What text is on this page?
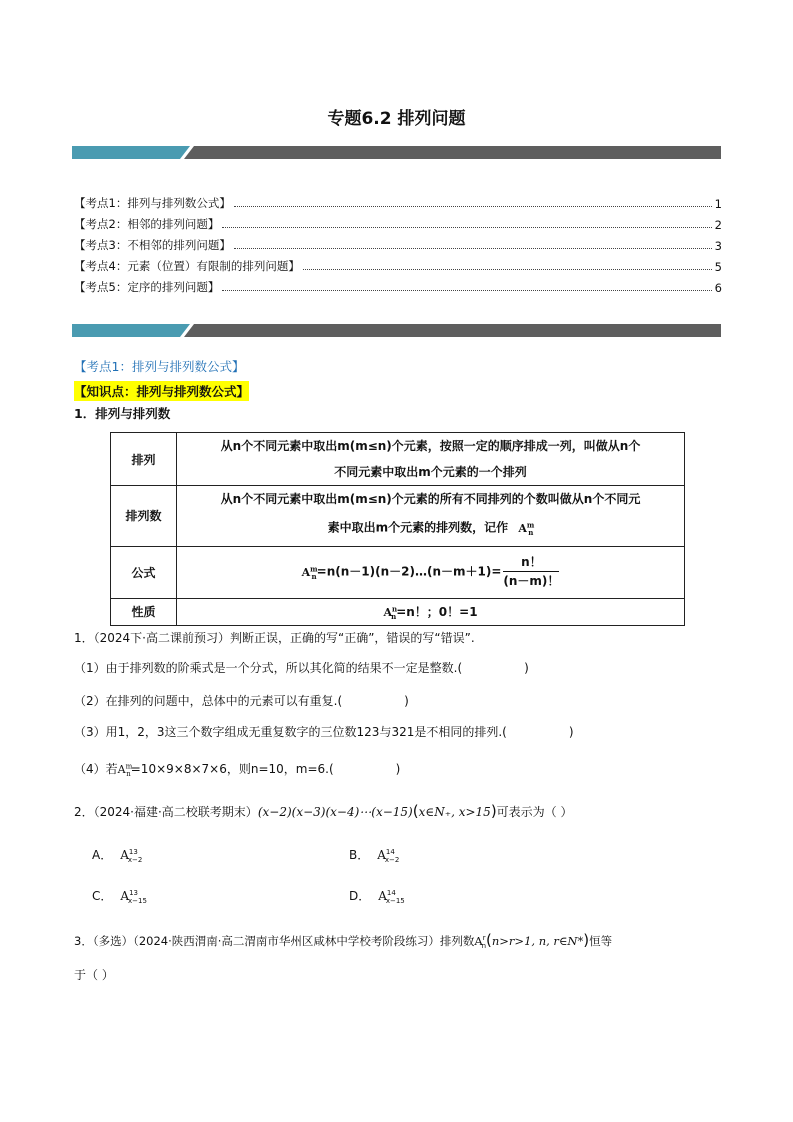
专题6.2 排列问题
【考点1：排列与排列数公式】	1
【考点2：相邻的排列问题】	2
【考点3：不相邻的排列问题】	3
【考点4：元素（位置）有限制的排列问题】	5
【考点5：定序的排列问题】	6
【考点1：排列与排列数公式】
【知识点：排列与排列数公式】
1．排列与排列数
排列	从n个不同元素中取出m(m≤n)个元素，按照一定的顺序排成一列，叫做从n个
不同元素中取出m个元素的一个排列

排列数	从n个不同元素中取出m(m≤n)个元素的所有不同排列的个数叫做从n个不同元
素中取出m个元素的排列数，记作 $A^m_n$

公式	$A^m_n=n(n-1)(n-2)\dots(n-m+1)= \frac{n!}{(n-m)!}$

性质	$A^n_n=n$！；0！=1
1．（2024下·高二课前预习）判断正误，正确的写“正确”，错误的写“错误”.
（1）由于排列数的阶乘式是一个分式，所以其化简的结果不一定是整数.(	)
（2）在排列的问题中，总体中的元素可以有重复.(	)
（3）用1，2，3这三个数字组成无重复数字的三位数123与321是不相同的排列.(	)
（4）若$A^m_n=10\times 9\times 8\times 7\times 6$，则n=10，m=6.(	)
2．（2024·福建·高二校联考期末）(x−2)(x−3)(x−4)⋯(x−15)(x∈N₊, x>15)可表示为（ ）
A． $A^{13}_{x-2}$	B． $A^{14}_{x-2}$
C． $A^{13}_{x-15}$	D． $A^{14}_{x-15}$
3．（多选）（2024·陕西渭南·高二渭南市华州区咸林中学校考阶段练习）排列数$A^r_n(n>r>1$, n, r∈N*)恒等
于（ ）
